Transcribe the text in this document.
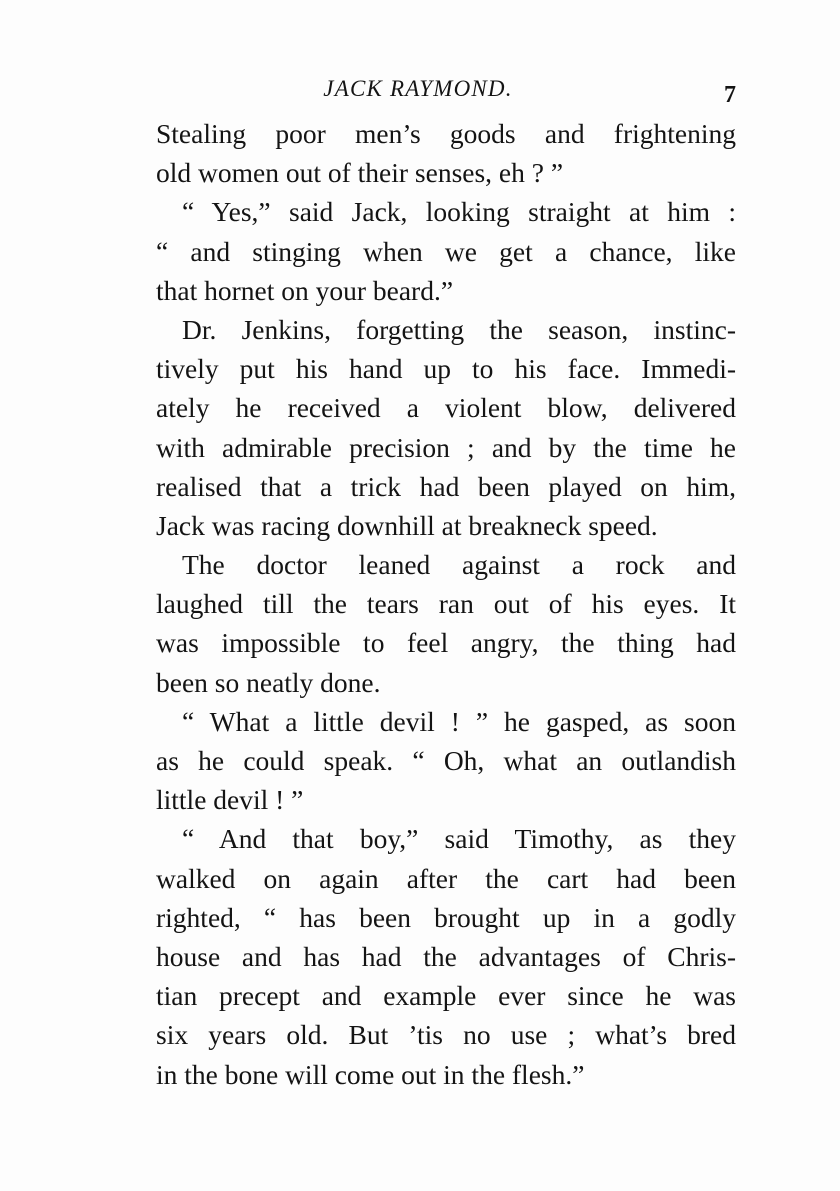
JACK RAYMOND.	7
Stealing poor men’s goods and frightening
old women out of their senses, eh ? ”
“ Yes,” said Jack, looking straight at him :
“ and stinging when we get a chance, like
that hornet on your beard.”
Dr. Jenkins, forgetting the season, instinc-
tively put his hand up to his face. Immedi-
ately he received a violent blow, delivered
with admirable precision ; and by the time he
realised that a trick had been played on him,
Jack was racing downhill at breakneck speed.
The doctor leaned against a rock and
laughed till the tears ran out of his eyes. It
was impossible to feel angry, the thing had
been so neatly done.
“ What a little devil ! ” he gasped, as soon
as he could speak. “ Oh, what an outlandish
little devil ! ”
“ And that boy,” said Timothy, as they
walked on again after the cart had been
righted, “ has been brought up in a godly
house and has had the advantages of Chris-
tian precept and example ever since he was
six years old. But ’tis no use ; what’s bred
in the bone will come out in the flesh.”
